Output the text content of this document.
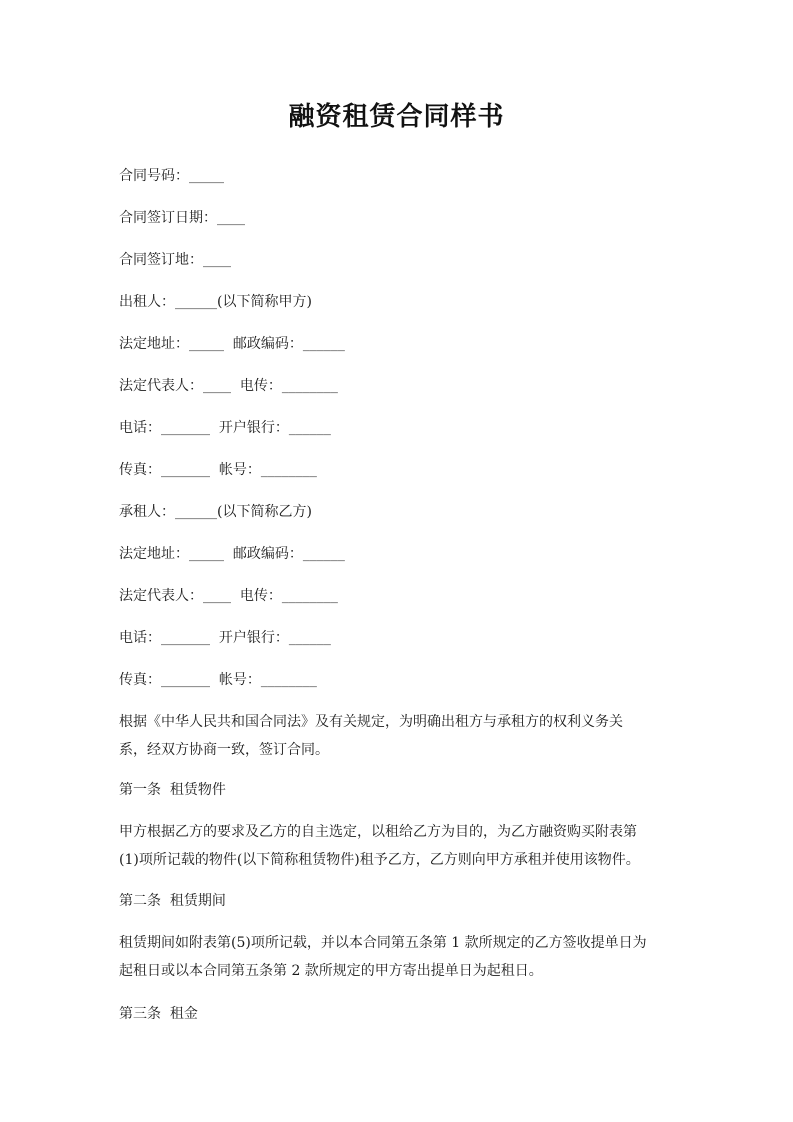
融资租赁合同样书
合同号码：_____
合同签订日期：____
合同签订地：____
出租人：______(以下简称甲方)
法定地址：_____  邮政编码：______
法定代表人：____  电传：________
电话：_______  开户银行：______
传真：_______  帐号：________
承租人：______(以下简称乙方)
法定地址：_____  邮政编码：______
法定代表人：____  电传：________
电话：_______  开户银行：______
传真：_______  帐号：________
根据《中华人民共和国合同法》及有关规定，为明确出租方与承租方的权利义务关
系，经双方协商一致，签订合同。
第一条  租赁物件
甲方根据乙方的要求及乙方的自主选定，以租给乙方为目的，为乙方融资购买附表第
(1)项所记载的物件(以下简称租赁物件)租予乙方，乙方则向甲方承租并使用该物件。
第二条  租赁期间
租赁期间如附表第(5)项所记载，并以本合同第五条第 1 款所规定的乙方签收提单日为
起租日或以本合同第五条第 2 款所规定的甲方寄出提单日为起租日。
第三条  租金
